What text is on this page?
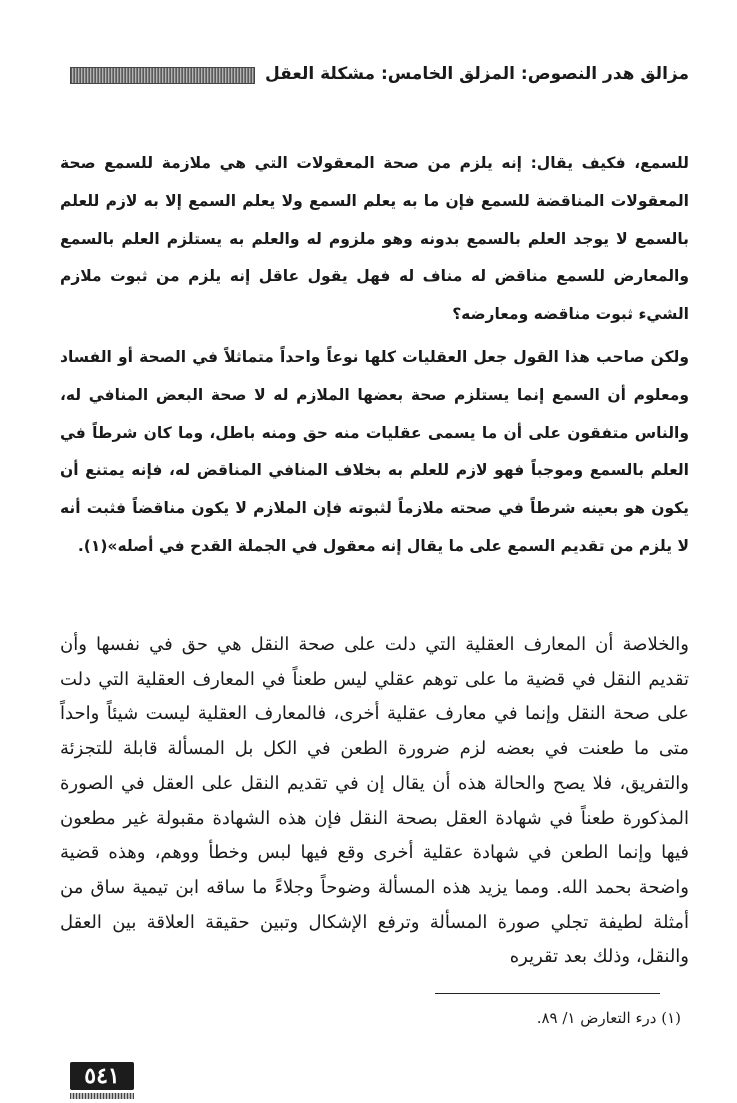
مزالق هدر النصوص: المزلق الخامس: مشكلة العقل

للسمع، فكيف يقال: إنه يلزم من صحة المعقولات التي هي ملازمة للسمع صحة المعقولات المناقضة للسمع فإن ما به يعلم السمع ولا يعلم السمع إلا به لازم للعلم بالسمع لا يوجد العلم بالسمع بدونه وهو ملزوم له والعلم به يستلزم العلم بالسمع والمعارض للسمع مناقض له مناف له فهل يقول عاقل إنه يلزم من ثبوت ملازم الشيء ثبوت مناقضه ومعارضه؟

ولكن صاحب هذا القول جعل العقليات كلها نوعاً واحداً متماثلاً في الصحة أو الفساد ومعلوم أن السمع إنما يستلزم صحة بعضها الملازم له لا صحة البعض المنافي له، والناس متفقون على أن ما يسمى عقليات منه حق ومنه باطل، وما كان شرطاً في العلم بالسمع وموجباً فهو لازم للعلم به بخلاف المنافي المناقض له، فإنه يمتنع أن يكون هو بعينه شرطاً في صحته ملازماً لثبوته فإن الملازم لا يكون مناقضاً فثبت أنه لا يلزم من تقديم السمع على ما يقال إنه معقول في الجملة القدح في أصله»(١).

والخلاصة أن المعارف العقلية التي دلت على صحة النقل هي حق في نفسها وأن تقديم النقل في قضية ما على توهم عقلي ليس طعناً في المعارف العقلية التي دلت على صحة النقل وإنما في معارف عقلية أخرى، فالمعارف العقلية ليست شيئاً واحداً متى ما طعنت في بعضه لزم ضرورة الطعن في الكل بل المسألة قابلة للتجزئة والتفريق، فلا يصح والحالة هذه أن يقال إن في تقديم النقل على العقل في الصورة المذكورة طعناً في شهادة العقل بصحة النقل فإن هذه الشهادة مقبولة غير مطعون فيها وإنما الطعن في شهادة عقلية أخرى وقع فيها لبس وخطأ ووهم، وهذه قضية واضحة بحمد الله. ومما يزيد هذه المسألة وضوحاً وجلاءً ما ساقه ابن تيمية ساق من أمثلة لطيفة تجلي صورة المسألة وترفع الإشكال وتبين حقيقة العلاقة بين العقل والنقل، وذلك بعد تقريره

(١) درء التعارض ١/ ٨٩.
٥٤١
